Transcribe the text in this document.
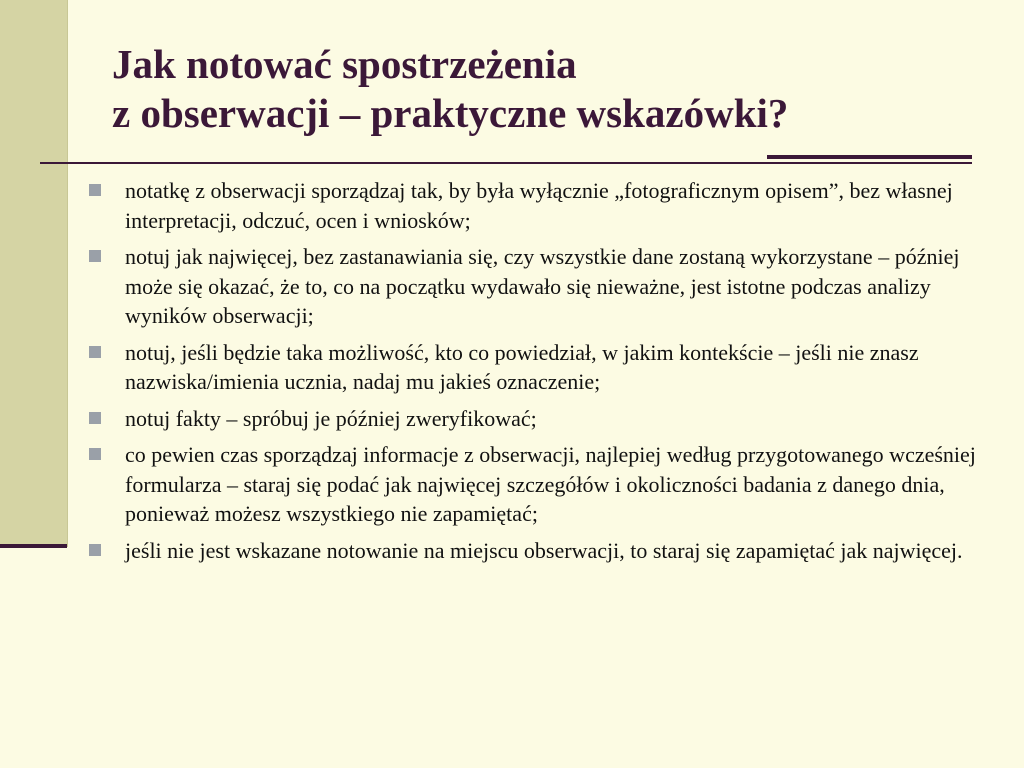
Jak notować spostrzeżenia
z obserwacji – praktyczne wskazówki?
notatkę z obserwacji sporządzaj tak, by była wyłącznie „fotograficznym opisem”, bez własnej interpretacji, odczuć, ocen i wniosków;
notuj jak najwięcej, bez zastanawiania się, czy wszystkie dane zostaną wykorzystane – później może się okazać, że to, co na początku wydawało się nieważne, jest istotne podczas analizy wyników obserwacji;
notuj, jeśli będzie taka możliwość, kto co powiedział, w jakim kontekście – jeśli nie znasz nazwiska/imienia ucznia, nadaj mu jakieś oznaczenie;
notuj fakty – spróbuj je później zweryfikować;
co pewien czas sporządzaj informacje z obserwacji, najlepiej według przygotowanego wcześniej formularza – staraj się podać jak najwięcej szczegółów i okoliczności badania z danego dnia, ponieważ możesz wszystkiego nie zapamiętać;
jeśli nie jest wskazane notowanie na miejscu obserwacji, to staraj się zapamiętać jak najwięcej.
